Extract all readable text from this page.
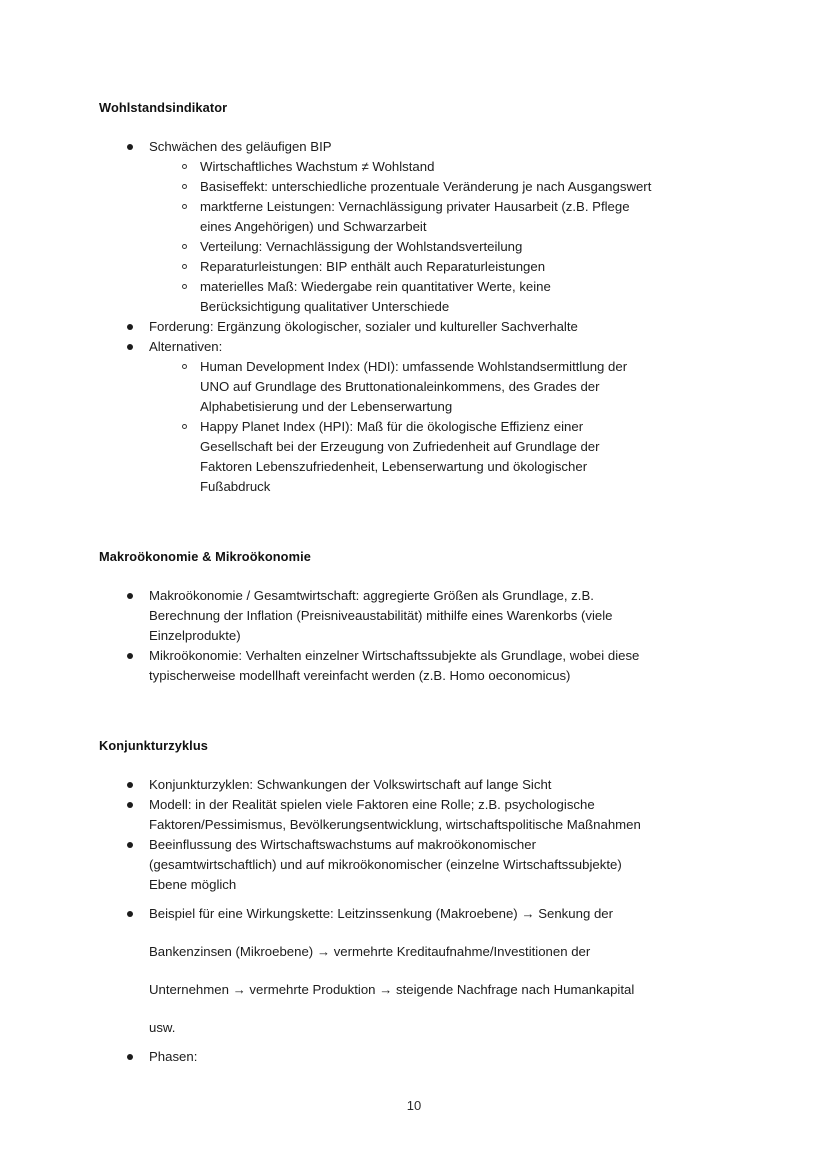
Wohlstandsindikator
Schwächen des geläufigen BIP
Wirtschaftliches Wachstum ≠ Wohlstand
Basiseffekt: unterschiedliche prozentuale Veränderung je nach Ausgangswert
marktferne Leistungen: Vernachlässigung privater Hausarbeit (z.B. Pflege
eines Angehörigen) und Schwarzarbeit
Verteilung: Vernachlässigung der Wohlstandsverteilung
Reparaturleistungen: BIP enthält auch Reparaturleistungen
materielles Maß: Wiedergabe rein quantitativer Werte, keine
Berücksichtigung qualitativer Unterschiede
Forderung: Ergänzung ökologischer, sozialer und kultureller Sachverhalte
Alternativen:
Human Development Index (HDI): umfassende Wohlstandsermittlung der
UNO auf Grundlage des Bruttonationaleinkommens, des Grades der
Alphabetisierung und der Lebenserwartung
Happy Planet Index (HPI): Maß für die ökologische Effizienz einer
Gesellschaft bei der Erzeugung von Zufriedenheit auf Grundlage der
Faktoren Lebenszufriedenheit, Lebenserwartung und ökologischer
Fußabdruck
Makroökonomie & Mikroökonomie
Makroökonomie / Gesamtwirtschaft: aggregierte Größen als Grundlage, z.B.
Berechnung der Inflation (Preisniveaustabilität) mithilfe eines Warenkorbs (viele
Einzelprodukte)
Mikroökonomie: Verhalten einzelner Wirtschaftssubjekte als Grundlage, wobei diese
typischerweise modellhaft vereinfacht werden (z.B. Homo oeconomicus)
Konjunkturzyklus
Konjunkturzyklen: Schwankungen der Volkswirtschaft auf lange Sicht
Modell: in der Realität spielen viele Faktoren eine Rolle; z.B. psychologische
Faktoren/Pessimismus, Bevölkerungsentwicklung, wirtschaftspolitische Maßnahmen
Beeinflussung des Wirtschaftswachstums auf makroökonomischer
(gesamtwirtschaftlich) und auf mikroökonomischer (einzelne Wirtschaftssubjekte)
Ebene möglich
Beispiel für eine Wirkungskette: Leitzinssenkung (Makroebene) → Senkung der
Bankenzinsen (Mikroebene) → vermehrte Kreditaufnahme/Investitionen der
Unternehmen → vermehrte Produktion → steigende Nachfrage nach Humankapital
usw.
Phasen:
10
